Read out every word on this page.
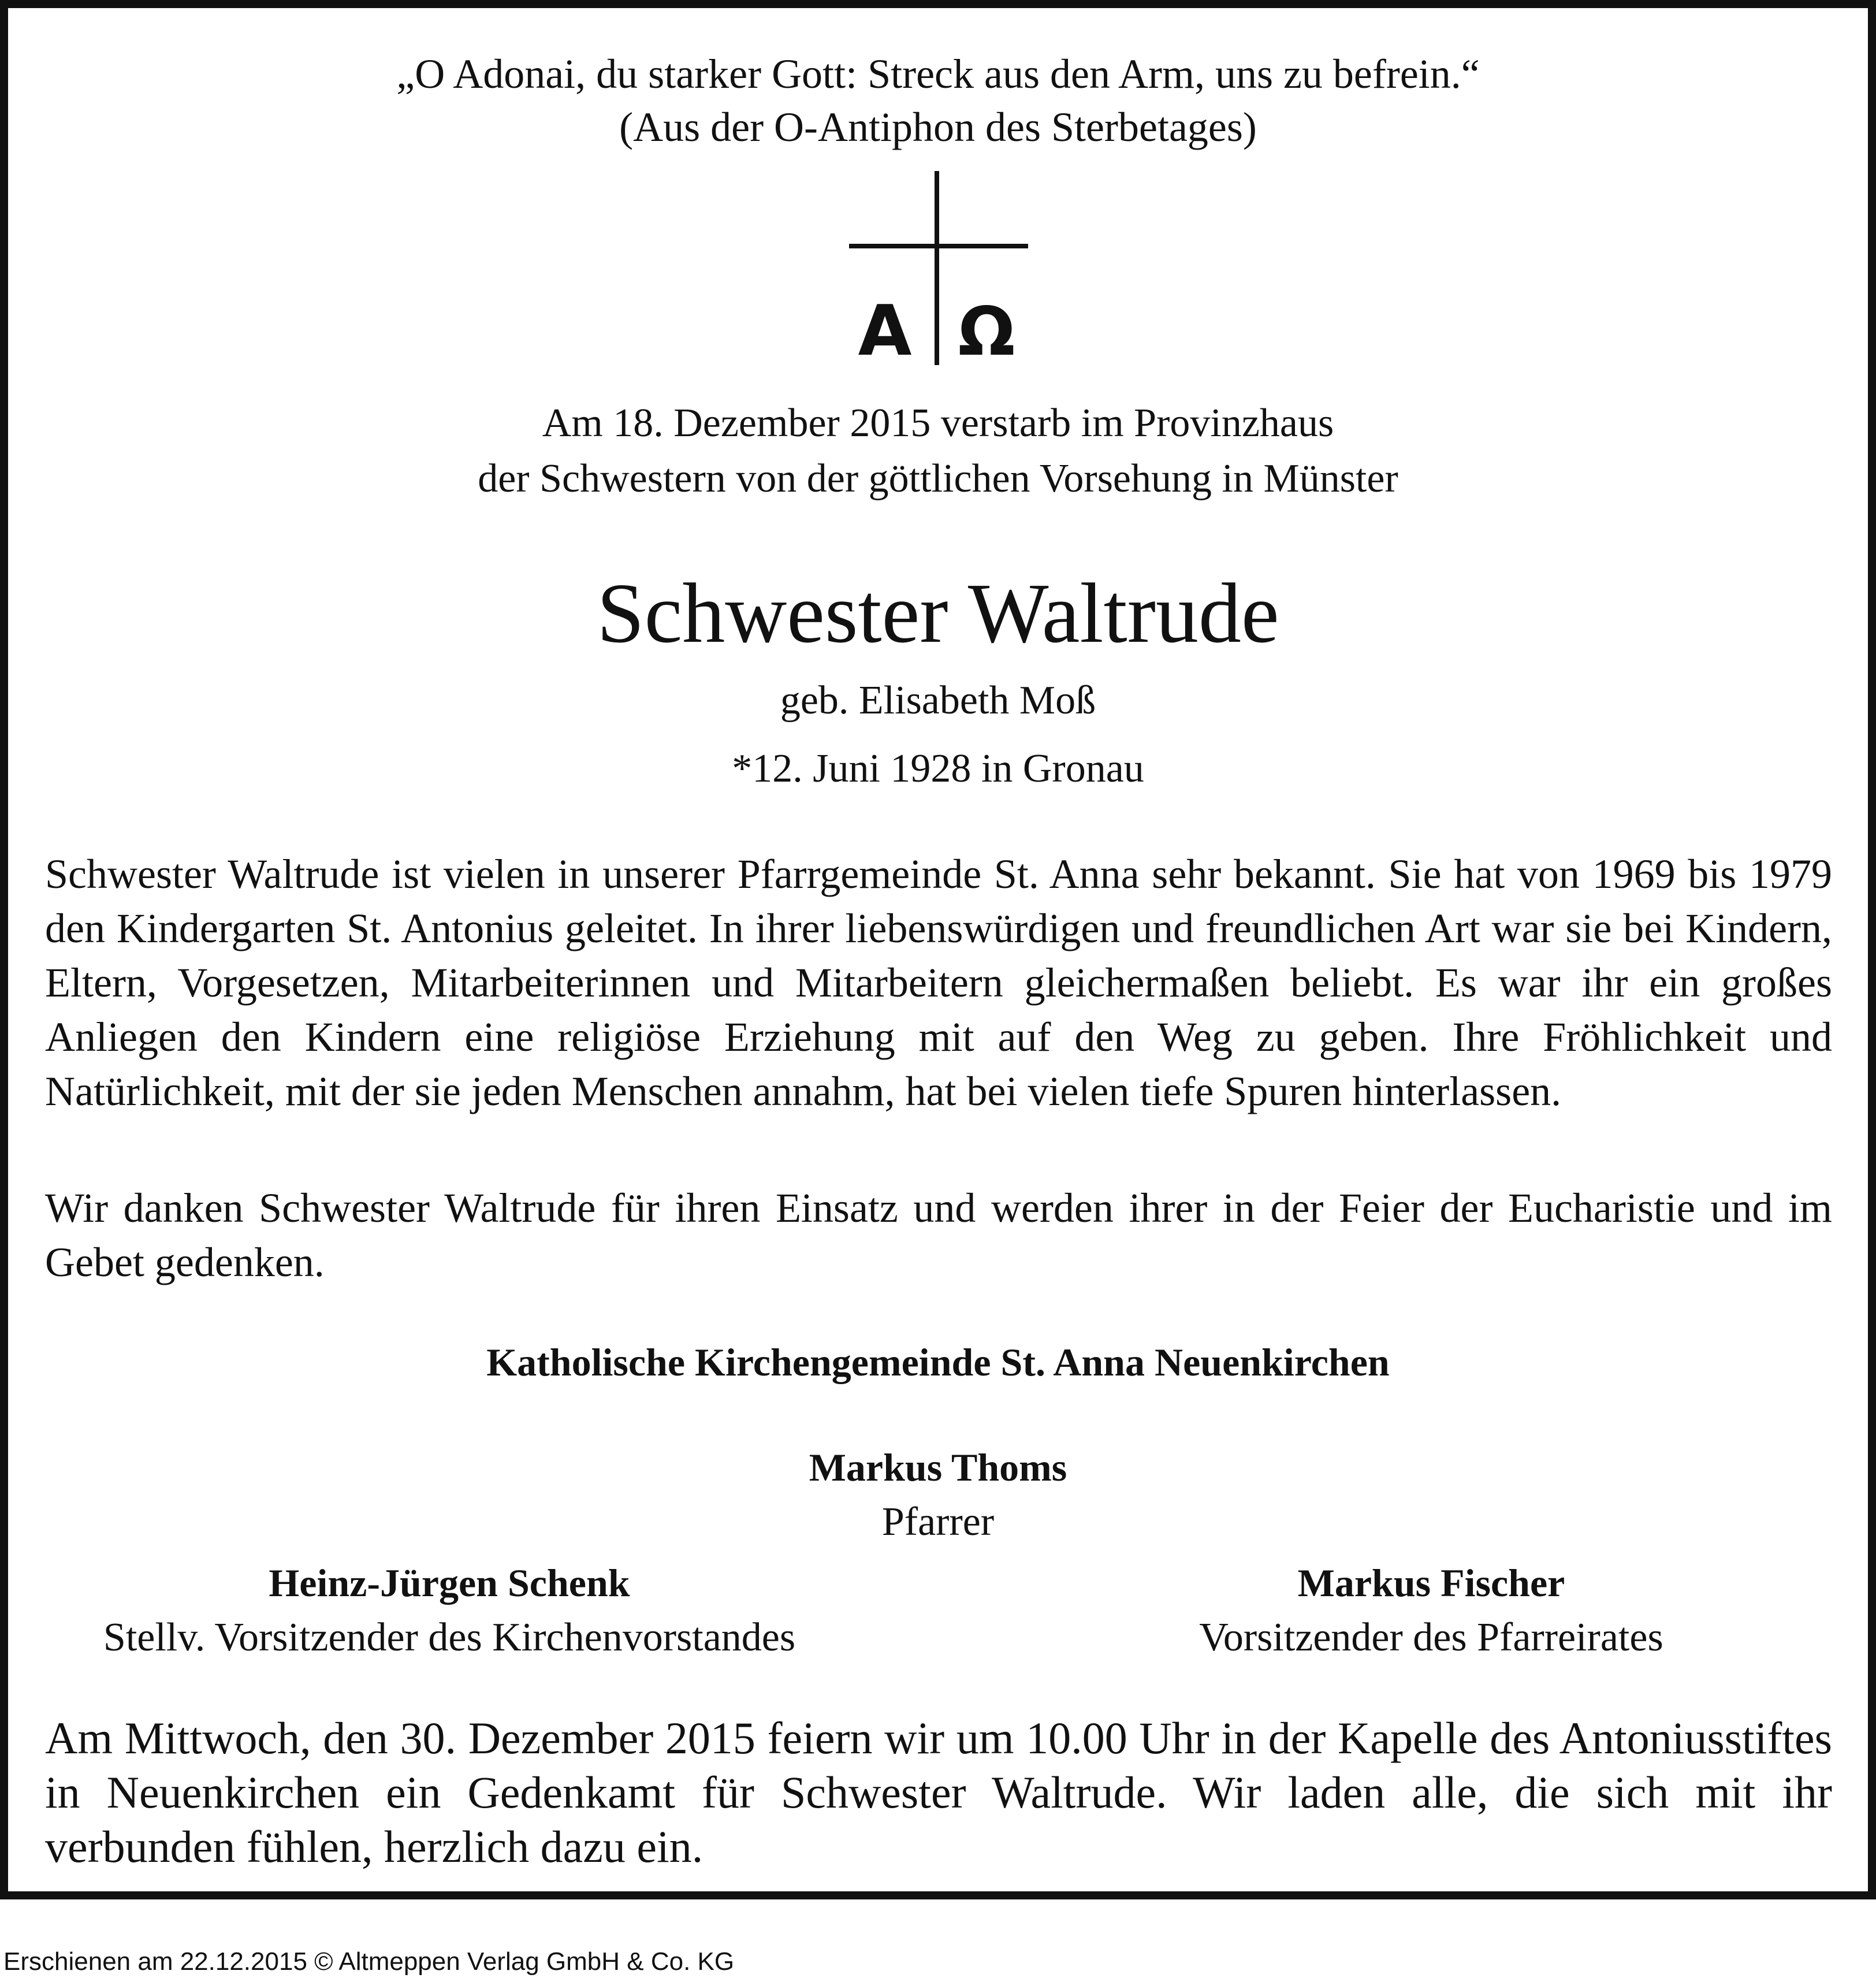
„O Adonai, du starker Gott: Streck aus den Arm, uns zu befrein.“
(Aus der O-Antiphon des Sterbetages)
A Ω
Am 18. Dezember 2015 verstarb im Provinzhaus
der Schwestern von der göttlichen Vorsehung in Münster
Schwester Waltrude
geb. Elisabeth Moß
*12. Juni 1928 in Gronau
Schwester Waltrude ist vielen in unserer Pfarrgemeinde St. Anna sehr bekannt. Sie hat von 1969 bis 1979 den Kindergarten St. Antonius geleitet. In ihrer liebenswürdigen und freundlichen Art war sie bei Kindern, Eltern, Vorgesetzen, Mitarbeiterinnen und Mitarbeitern gleichermaßen beliebt. Es war ihr ein großes Anliegen den Kindern eine religiöse Erziehung mit auf den Weg zu geben. Ihre Fröhlichkeit und Natürlichkeit, mit der sie jeden Menschen annahm, hat bei vielen tiefe Spuren hinterlassen.
Wir danken Schwester Waltrude für ihren Einsatz und werden ihrer in der Feier der Eucharistie und im Gebet gedenken.
Katholische Kirchengemeinde St. Anna Neuenkirchen
Markus Thoms
Pfarrer
Heinz-Jürgen Schenk
Stellv. Vorsitzender des Kirchenvorstandes
Markus Fischer
Vorsitzender des Pfarreirates
Am Mittwoch, den 30. Dezember 2015 feiern wir um 10.00 Uhr in der Kapelle des Antoniusstiftes in Neuenkirchen ein Gedenkamt für Schwester Waltrude. Wir laden alle, die sich mit ihr verbunden fühlen, herzlich dazu ein.
Erschienen am 22.12.2015 © Altmeppen Verlag GmbH & Co. KG
